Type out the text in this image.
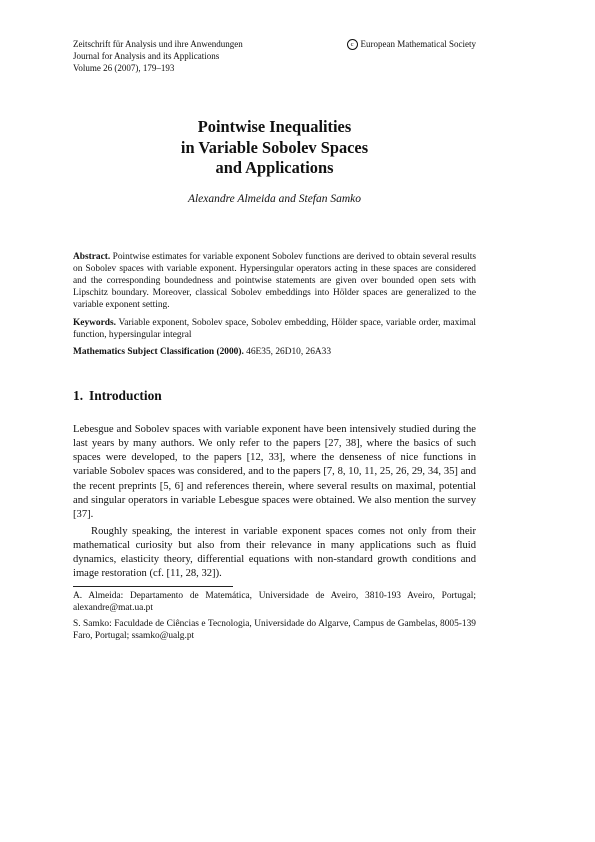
Zeitschrift für Analysis und ihre Anwendungen
Journal for Analysis and its Applications
Volume 26 (2007), 179–193
c European Mathematical Society
Pointwise Inequalities
in Variable Sobolev Spaces
and Applications
Alexandre Almeida and Stefan Samko
Abstract. Pointwise estimates for variable exponent Sobolev functions are derived to obtain several results on Sobolev spaces with variable exponent. Hypersingular operators acting in these spaces are considered and the corresponding boundedness and pointwise statements are given over bounded open sets with Lipschitz boundary. Moreover, classical Sobolev embeddings into Hölder spaces are generalized to the variable exponent setting.
Keywords. Variable exponent, Sobolev space, Sobolev embedding, Hölder space, variable order, maximal function, hypersingular integral
Mathematics Subject Classification (2000). 46E35, 26D10, 26A33
1. Introduction
Lebesgue and Sobolev spaces with variable exponent have been intensively studied during the last years by many authors. We only refer to the papers [27, 38], where the basics of such spaces were developed, to the papers [12, 33], where the denseness of nice functions in variable Sobolev spaces was considered, and to the papers [7, 8, 10, 11, 25, 26, 29, 34, 35] and the recent preprints [5, 6] and references therein, where several results on maximal, potential and singular operators in variable Lebesgue spaces were obtained. We also mention the survey [37].
Roughly speaking, the interest in variable exponent spaces comes not only from their mathematical curiosity but also from their relevance in many applications such as fluid dynamics, elasticity theory, differential equations with non-standard growth conditions and image restoration (cf. [11, 28, 32]).
A. Almeida: Departamento de Matemática, Universidade de Aveiro, 3810-193 Aveiro, Portugal; alexandre@mat.ua.pt
S. Samko: Faculdade de Ciências e Tecnologia, Universidade do Algarve, Campus de Gambelas, 8005-139 Faro, Portugal; ssamko@ualg.pt
